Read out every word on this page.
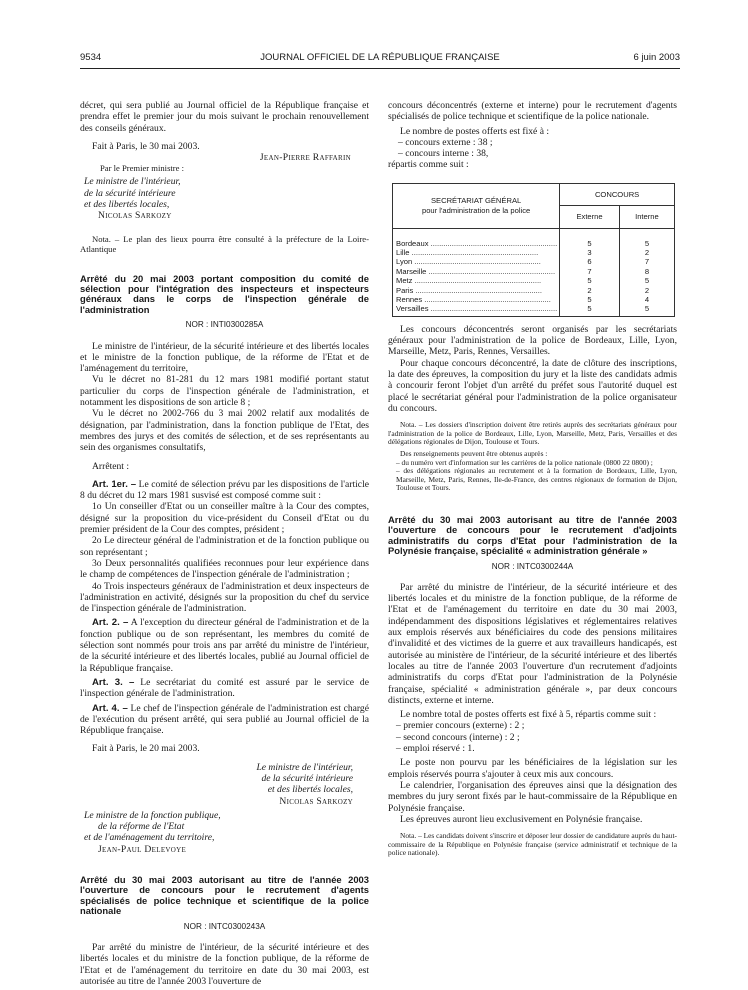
9534	JOURNAL OFFICIEL DE LA RÉPUBLIQUE FRANÇAISE	6 juin 2003

décret, qui sera publié au Journal officiel de la République française et prendra effet le premier jour du mois suivant le prochain renouvellement des conseils généraux.

Fait à Paris, le 30 mai 2003.

Jean-Pierre Raffarin

Par le Premier ministre :

Le ministre de l'intérieur,
de la sécurité intérieure
et des libertés locales,
Nicolas Sarkozy

Nota. – Le plan des lieux pourra être consulté à la préfecture de la Loire-Atlantique

Arrêté du 20 mai 2003 portant composition du comité de sélection pour l'intégration des inspecteurs et inspecteurs généraux dans le corps de l'inspection générale de l'administration

NOR : INTI0300285A

Le ministre de l'intérieur, de la sécurité intérieure et des libertés locales et le ministre de la fonction publique, de la réforme de l'Etat et de l'aménagement du territoire,

Vu le décret no 81-281 du 12 mars 1981 modifié portant statut particulier du corps de l'inspection générale de l'administration, et notamment les dispositions de son article 8 ;

Vu le décret no 2002-766 du 3 mai 2002 relatif aux modalités de désignation, par l'administration, dans la fonction publique de l'Etat, des membres des jurys et des comités de sélection, et de ses représentants au sein des organismes consultatifs,

Arrêtent :

Art. 1er. – Le comité de sélection prévu par les dispositions de l'article 8 du décret du 12 mars 1981 susvisé est composé comme suit :

1o Un conseiller d'Etat ou un conseiller maître à la Cour des comptes, désigné sur la proposition du vice-président du Conseil d'Etat ou du premier président de la Cour des comptes, président ;

2o Le directeur général de l'administration et de la fonction publique ou son représentant ;

3o Deux personnalités qualifiées reconnues pour leur expérience dans le champ de compétences de l'inspection générale de l'administration ;

4o Trois inspecteurs généraux de l'administration et deux inspecteurs de l'administration en activité, désignés sur la proposition du chef du service de l'inspection générale de l'administration.

Art. 2. – A l'exception du directeur général de l'administration et de la fonction publique ou de son représentant, les membres du comité de sélection sont nommés pour trois ans par arrêté du ministre de l'intérieur, de la sécurité intérieure et des libertés locales, publié au Journal officiel de la République française.

Art. 3. – Le secrétariat du comité est assuré par le service de l'inspection générale de l'administration.

Art. 4. – Le chef de l'inspection générale de l'administration est chargé de l'exécution du présent arrêté, qui sera publié au Journal officiel de la République française.

Fait à Paris, le 20 mai 2003.

Le ministre de l'intérieur,
de la sécurité intérieure
et des libertés locales,
Nicolas Sarkozy
Le ministre de la fonction publique,
de la réforme de l'Etat
et de l'aménagement du territoire,
Jean-Paul Delevoye

Arrêté du 30 mai 2003 autorisant au titre de l'année 2003 l'ouverture de concours pour le recrutement d'agents spécialisés de police technique et scientifique de la police nationale

NOR : INTC0300243A

Par arrêté du ministre de l'intérieur, de la sécurité intérieure et des libertés locales et du ministre de la fonction publique, de la réforme de l'Etat et de l'aménagement du territoire en date du 30 mai 2003, est autorisée au titre de l'année 2003 l'ouverture de

concours déconcentrés (externe et interne) pour le recrutement d'agents spécialisés de police technique et scientifique de la police nationale.

Le nombre de postes offerts est fixé à :

– concours externe : 38 ;

– concours interne : 38,

répartis comme suit :

SECRÉTARIAT GÉNÉRAL
pour l'administration de la police	CONCOURS	
	Externe	Interne
Bordeaux ............................................................	5	5
Lille ............................................................	3	2
Lyon ............................................................	6	7
Marseille ............................................................	7	8
Metz ............................................................	5	5
Paris ............................................................	2	2
Rennes ............................................................	5	4
Versailles ............................................................	5	5

Les concours déconcentrés seront organisés par les secrétariats généraux pour l'administration de la police de Bordeaux, Lille, Lyon, Marseille, Metz, Paris, Rennes, Versailles.

Pour chaque concours déconcentré, la date de clôture des inscriptions, la date des épreuves, la composition du jury et la liste des candidats admis à concourir feront l'objet d'un arrêté du préfet sous l'autorité duquel est placé le secrétariat général pour l'administration de la police organisateur du concours.

Nota. – Les dossiers d'inscription doivent être retirés auprès des secrétariats généraux pour l'administration de la police de Bordeaux, Lille, Lyon, Marseille, Metz, Paris, Versailles et des délégations régionales de Dijon, Toulouse et Tours.

Des renseignements peuvent être obtenus auprès :

– du numéro vert d'information sur les carrières de la police nationale (0800 22 0800) ;

– des délégations régionales au recrutement et à la formation de Bordeaux, Lille, Lyon, Marseille, Metz, Paris, Rennes, Ile-de-France, des centres régionaux de formation de Dijon, Toulouse et Tours.

Arrêté du 30 mai 2003 autorisant au titre de l'année 2003 l'ouverture de concours pour le recrutement d'adjoints administratifs du corps d'Etat pour l'administration de la Polynésie française, spécialité « administration générale »

NOR : INTC0300244A

Par arrêté du ministre de l'intérieur, de la sécurité intérieure et des libertés locales et du ministre de la fonction publique, de la réforme de l'Etat et de l'aménagement du territoire en date du 30 mai 2003, indépendamment des dispositions législatives et réglementaires relatives aux emplois réservés aux bénéficiaires du code des pensions militaires d'invalidité et des victimes de la guerre et aux travailleurs handicapés, est autorisée au ministère de l'intérieur, de la sécurité intérieure et des libertés locales au titre de l'année 2003 l'ouverture d'un recrutement d'adjoints administratifs du corps d'Etat pour l'administration de la Polynésie française, spécialité « administration générale », par deux concours distincts, externe et interne.

Le nombre total de postes offerts est fixé à 5, répartis comme suit :

– premier concours (externe) : 2 ;
– second concours (interne) : 2 ;
– emploi réservé : 1.

Le poste non pourvu par les bénéficiaires de la législation sur les emplois réservés pourra s'ajouter à ceux mis aux concours.

Le calendrier, l'organisation des épreuves ainsi que la désignation des membres du jury seront fixés par le haut-commissaire de la République en Polynésie française.

Les épreuves auront lieu exclusivement en Polynésie française.

Nota. – Les candidats doivent s'inscrire et déposer leur dossier de candidature auprès du haut-commissaire de la République en Polynésie française (service administratif et technique de la police nationale).
